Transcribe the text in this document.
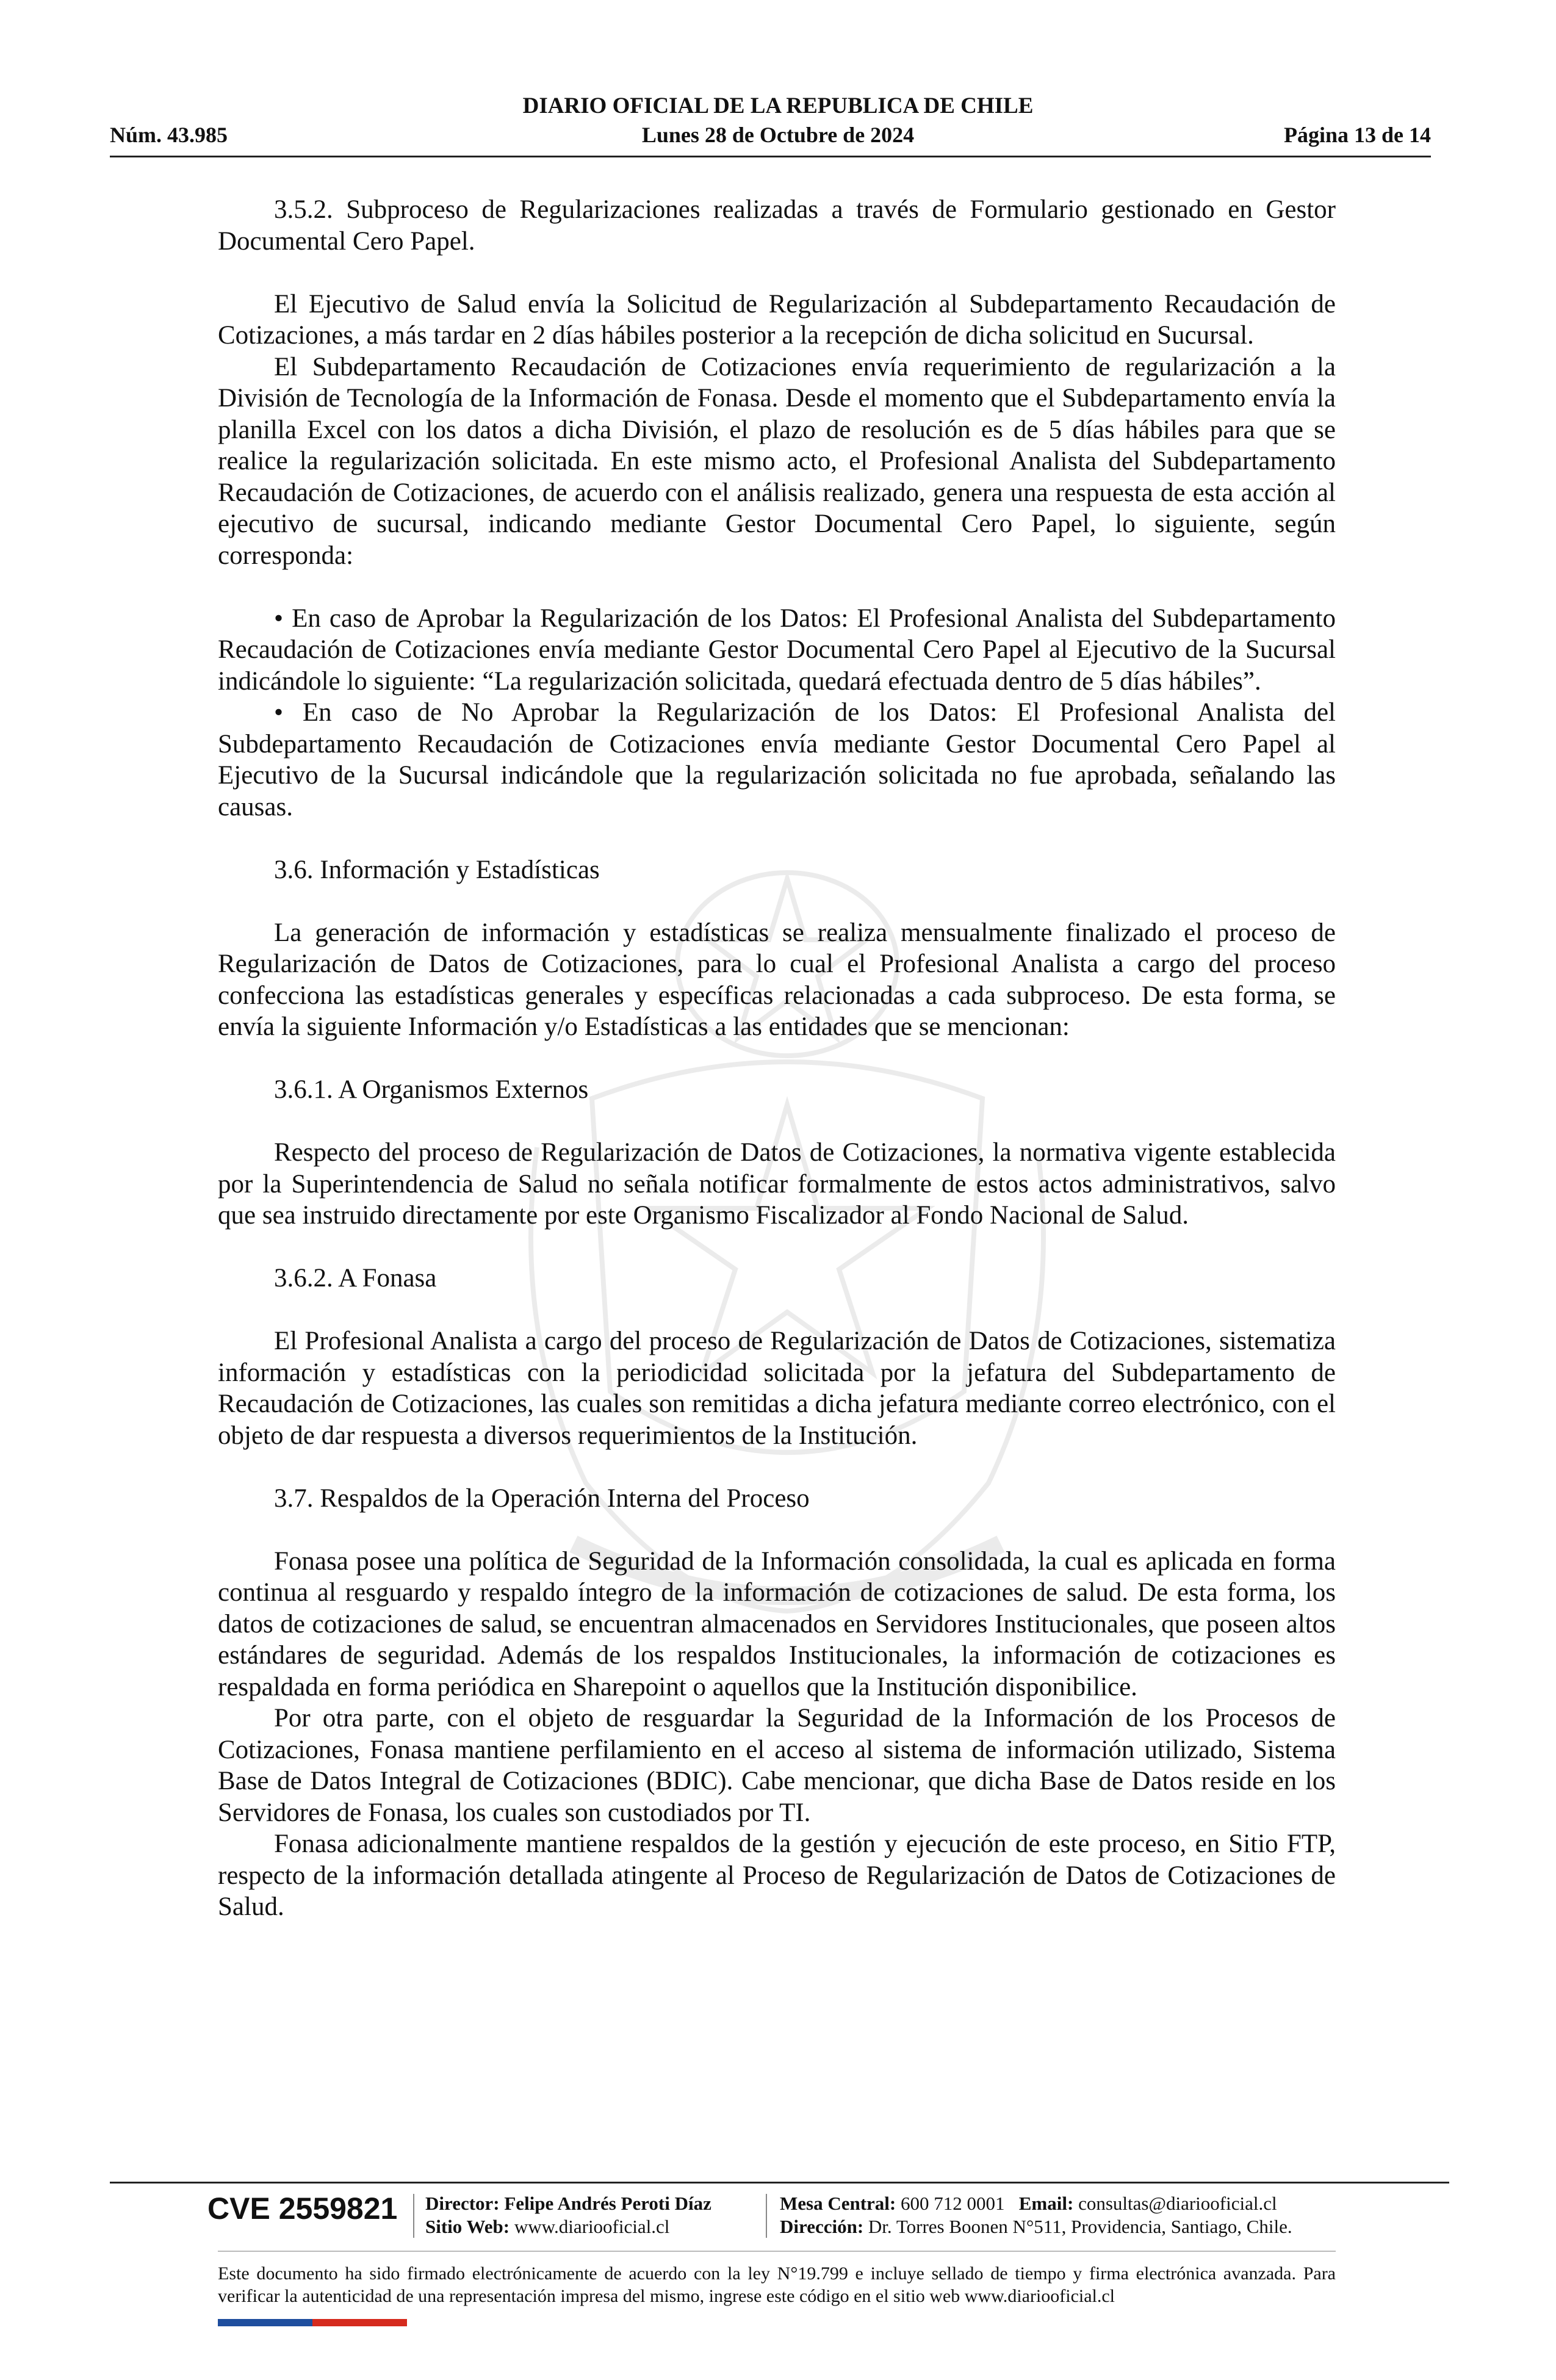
DIARIO OFICIAL DE LA REPUBLICA DE CHILE
Núm. 43.985	Lunes 28 de Octubre de 2024	Página 13 de 14

3.5.2. Subproceso de Regularizaciones realizadas a través de Formulario gestionado en Gestor Documental Cero Papel.

El Ejecutivo de Salud envía la Solicitud de Regularización al Subdepartamento Recaudación de Cotizaciones, a más tardar en 2 días hábiles posterior a la recepción de dicha solicitud en Sucursal.

El Subdepartamento Recaudación de Cotizaciones envía requerimiento de regularización a la División de Tecnología de la Información de Fonasa. Desde el momento que el Subdepartamento envía la planilla Excel con los datos a dicha División, el plazo de resolución es de 5 días hábiles para que se realice la regularización solicitada. En este mismo acto, el Profesional Analista del Subdepartamento Recaudación de Cotizaciones, de acuerdo con el análisis realizado, genera una respuesta de esta acción al ejecutivo de sucursal, indicando mediante Gestor Documental Cero Papel, lo siguiente, según corresponda:

• En caso de Aprobar la Regularización de los Datos: El Profesional Analista del Subdepartamento Recaudación de Cotizaciones envía mediante Gestor Documental Cero Papel al Ejecutivo de la Sucursal indicándole lo siguiente: “La regularización solicitada, quedará efectuada dentro de 5 días hábiles”.

• En caso de No Aprobar la Regularización de los Datos: El Profesional Analista del Subdepartamento Recaudación de Cotizaciones envía mediante Gestor Documental Cero Papel al Ejecutivo de la Sucursal indicándole que la regularización solicitada no fue aprobada, señalando las causas.

3.6. Información y Estadísticas

La generación de información y estadísticas se realiza mensualmente finalizado el proceso de Regularización de Datos de Cotizaciones, para lo cual el Profesional Analista a cargo del proceso confecciona las estadísticas generales y específicas relacionadas a cada subproceso. De esta forma, se envía la siguiente Información y/o Estadísticas a las entidades que se mencionan:

3.6.1. A Organismos Externos

Respecto del proceso de Regularización de Datos de Cotizaciones, la normativa vigente establecida por la Superintendencia de Salud no señala notificar formalmente de estos actos administrativos, salvo que sea instruido directamente por este Organismo Fiscalizador al Fondo Nacional de Salud.

3.6.2. A Fonasa

El Profesional Analista a cargo del proceso de Regularización de Datos de Cotizaciones, sistematiza información y estadísticas con la periodicidad solicitada por la jefatura del Subdepartamento de Recaudación de Cotizaciones, las cuales son remitidas a dicha jefatura mediante correo electrónico, con el objeto de dar respuesta a diversos requerimientos de la Institución.

3.7. Respaldos de la Operación Interna del Proceso

Fonasa posee una política de Seguridad de la Información consolidada, la cual es aplicada en forma continua al resguardo y respaldo íntegro de la información de cotizaciones de salud. De esta forma, los datos de cotizaciones de salud, se encuentran almacenados en Servidores Institucionales, que poseen altos estándares de seguridad. Además de los respaldos Institucionales, la información de cotizaciones es respaldada en forma periódica en Sharepoint o aquellos que la Institución disponibilice.

Por otra parte, con el objeto de resguardar la Seguridad de la Información de los Procesos de Cotizaciones, Fonasa mantiene perfilamiento en el acceso al sistema de información utilizado, Sistema Base de Datos Integral de Cotizaciones (BDIC). Cabe mencionar, que dicha Base de Datos reside en los Servidores de Fonasa, los cuales son custodiados por TI.

Fonasa adicionalmente mantiene respaldos de la gestión y ejecución de este proceso, en Sitio FTP, respecto de la información detallada atingente al Proceso de Regularización de Datos de Cotizaciones de Salud.

CVE 2559821 Director: Felipe Andrés Peroti Díaz
Sitio Web: www.diariooficial.cl
Mesa Central: 600 712 0001 Email: consultas@diariooficial.cl
Dirección: Dr. Torres Boonen N°511, Providencia, Santiago, Chile.
Este documento ha sido firmado electrónicamente de acuerdo con la ley N°19.799 e incluye sellado de tiempo y firma electrónica avanzada. Para verificar la autenticidad de una representación impresa del mismo, ingrese este código en el sitio web www.diariooficial.cl
